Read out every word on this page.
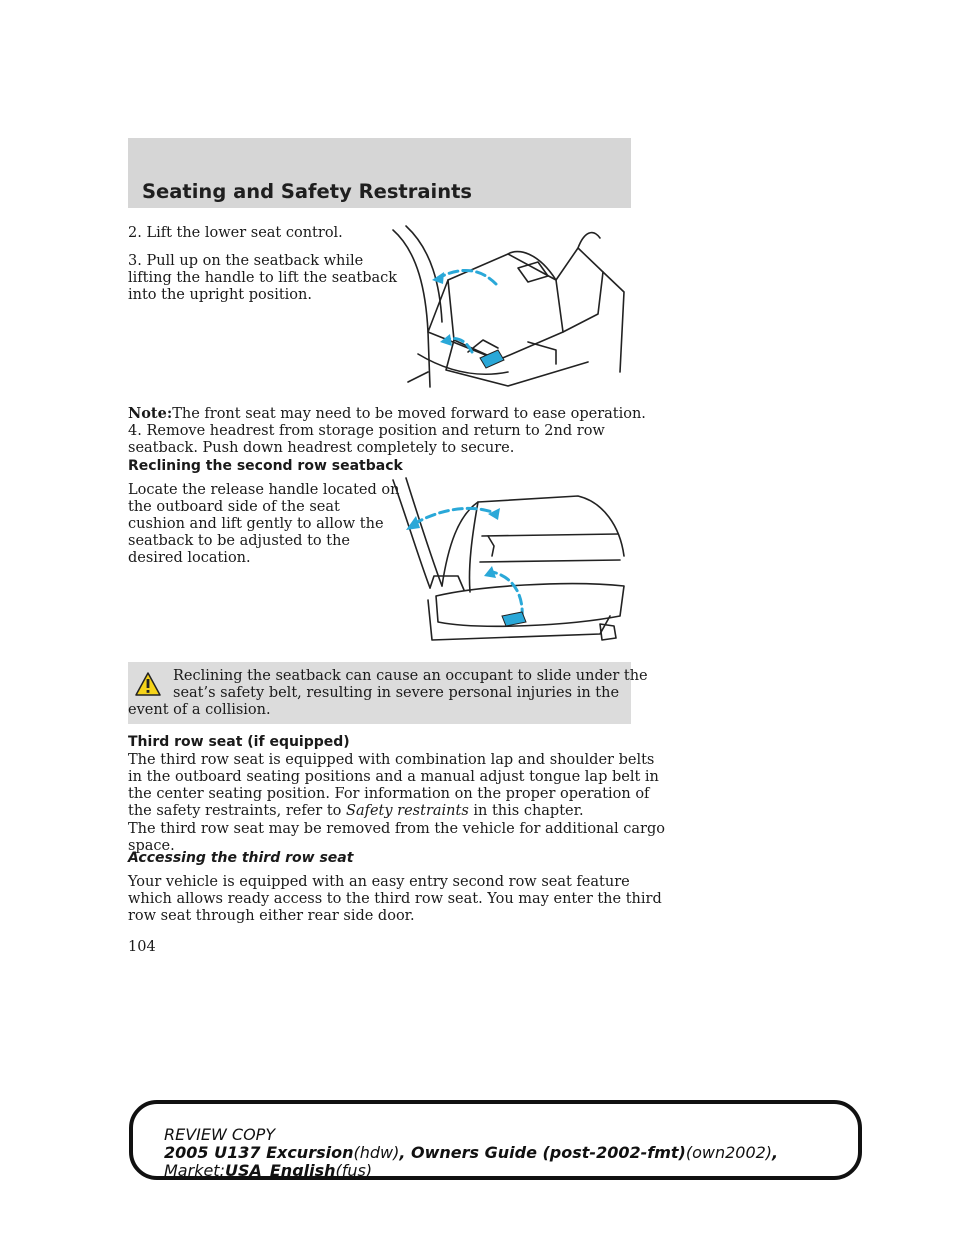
Seating and Safety Restraints

2. Lift the lower seat control.

3. Pull up on the seatback while

lifting the handle to lift the seatback

into the upright position.

Note:The front seat may need to be moved forward to ease operation.

4. Remove headrest from storage position and return to 2nd row

seatback. Push down headrest completely to secure.

Reclining the second row seatback

Locate the release handle located on

the outboard side of the seat

cushion and lift gently to allow the

seatback to be adjusted to the

desired location.

Reclining the seatback can cause an occupant to slide under the

seat’s safety belt, resulting in severe personal injuries in the

event of a collision.

Third row seat (if equipped)

The third row seat is equipped with combination lap and shoulder belts

in the outboard seating positions and a manual adjust tongue lap belt in

the center seating position. For information on the proper operation of

the safety restraints, refer to Safety restraints in this chapter.

The third row seat may be removed from the vehicle for additional cargo

space.

Accessing the third row seat

Your vehicle is equipped with an easy entry second row seat feature

which allows ready access to the third row seat. You may enter the third

row seat through either rear side door.

104

REVIEW COPY
2005 U137 Excursion(hdw), Owners Guide (post-2002-fmt)(own2002),
Market:USA_English(fus)
